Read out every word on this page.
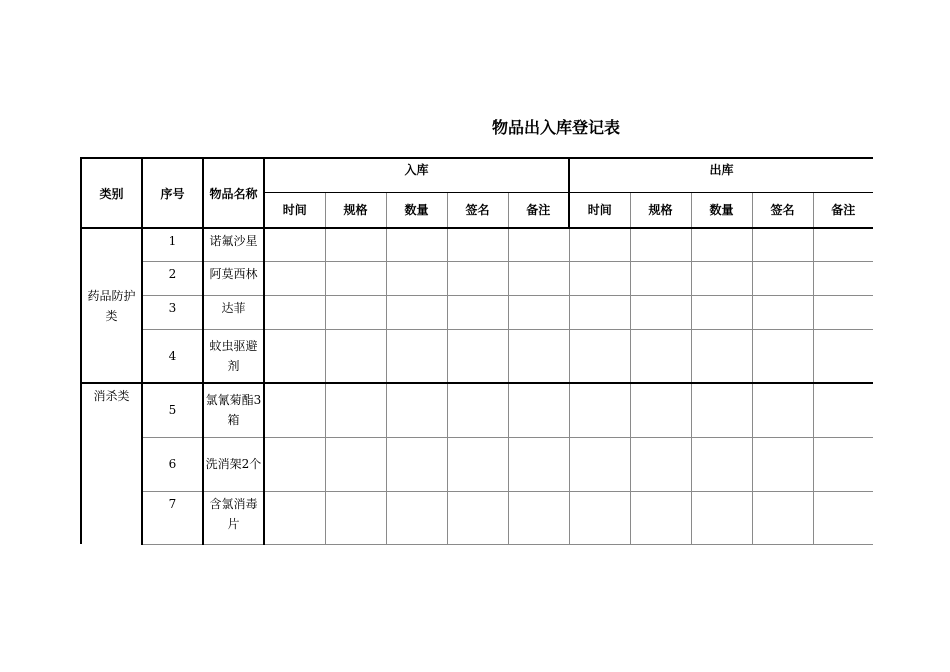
物品出入库登记表
类别	序号	物品名称	入库					出库				
			时间	规格	数量	签名	备注	时间	规格	数量	签名	备注
药品防护类	1	诺氟沙星										
	2	阿莫西林										
	3	达菲										
	4	蚊虫驱避剂										
消杀类	5	氯氰菊酯3箱										
	6	洗消架2个										
	7	含氯消毒片										
